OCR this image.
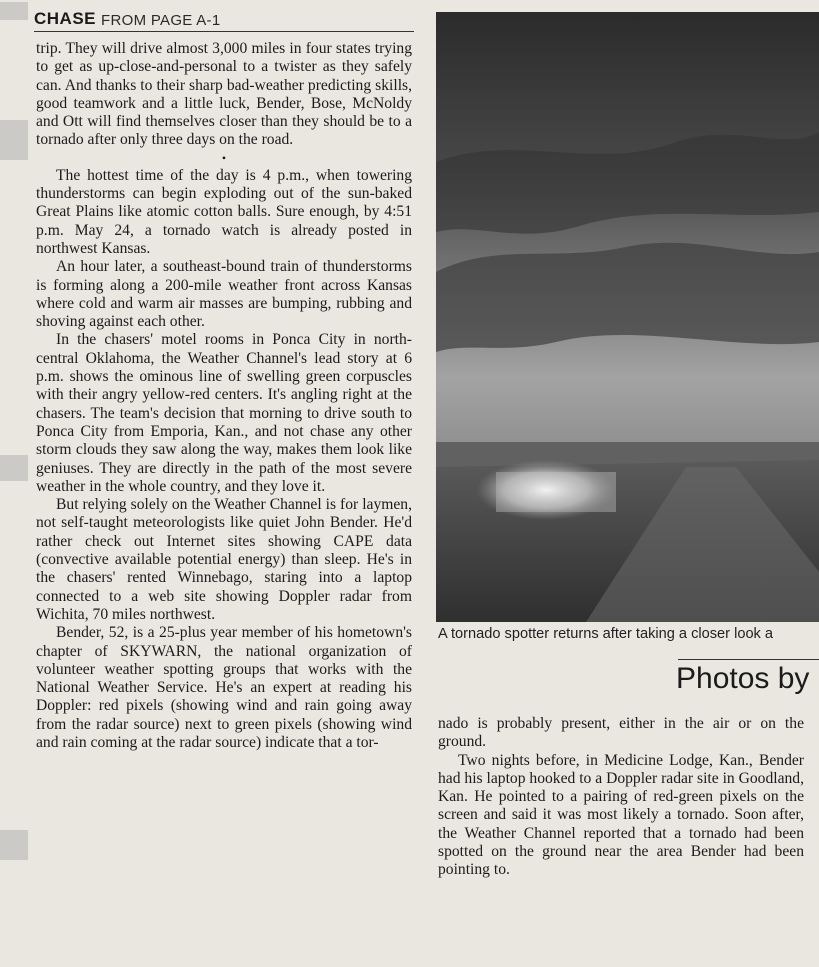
CHASE FROM PAGE A-1

trip. They will drive almost 3,000 miles in four states trying to get as up-close-and-personal to a twister as they safely can. And thanks to their sharp bad-weather predicting skills, good teamwork and a little luck, Bender, Bose, McNoldy and Ott will find themselves closer than they should be to a tornado after only three days on the road.

•

The hottest time of the day is 4 p.m., when towering thunderstorms can begin exploding out of the sun-baked Great Plains like atomic cotton balls. Sure enough, by 4:51 p.m. May 24, a tornado watch is already posted in northwest Kansas.

An hour later, a southeast-bound train of thunderstorms is forming along a 200-mile weather front across Kansas where cold and warm air masses are bumping, rubbing and shoving against each other.

In the chasers' motel rooms in Ponca City in north-central Oklahoma, the Weather Channel's lead story at 6 p.m. shows the ominous line of swelling green corpuscles with their angry yellow-red centers. It's angling right at the chasers. The team's decision that morning to drive south to Ponca City from Emporia, Kan., and not chase any other storm clouds they saw along the way, makes them look like geniuses. They are directly in the path of the most severe weather in the whole country, and they love it.

But relying solely on the Weather Channel is for laymen, not self-taught meteorologists like quiet John Bender. He'd rather check out Internet sites showing CAPE data (convective available potential energy) than sleep. He's in the chasers' rented Winnebago, staring into a laptop connected to a web site showing Doppler radar from Wichita, 70 miles northwest.

Bender, 52, is a 25-plus year member of his hometown's chapter of SKYWARN, the national organization of volunteer weather spotting groups that works with the National Weather Service. He's an expert at reading his Doppler: red pixels (showing wind and rain going away from the radar source) next to green pixels (showing wind and rain coming at the radar source) indicate that a tor-

A tornado spotter returns after taking a closer look a
Photos by

nado is probably present, either in the air or on the ground.

Two nights before, in Medicine Lodge, Kan., Bender had his laptop hooked to a Doppler radar site in Goodland, Kan. He pointed to a pairing of red-green pixels on the screen and said it was most likely a tornado. Soon after, the Weather Channel reported that a tornado had been spotted on the ground near the area Bender had been pointing to.
